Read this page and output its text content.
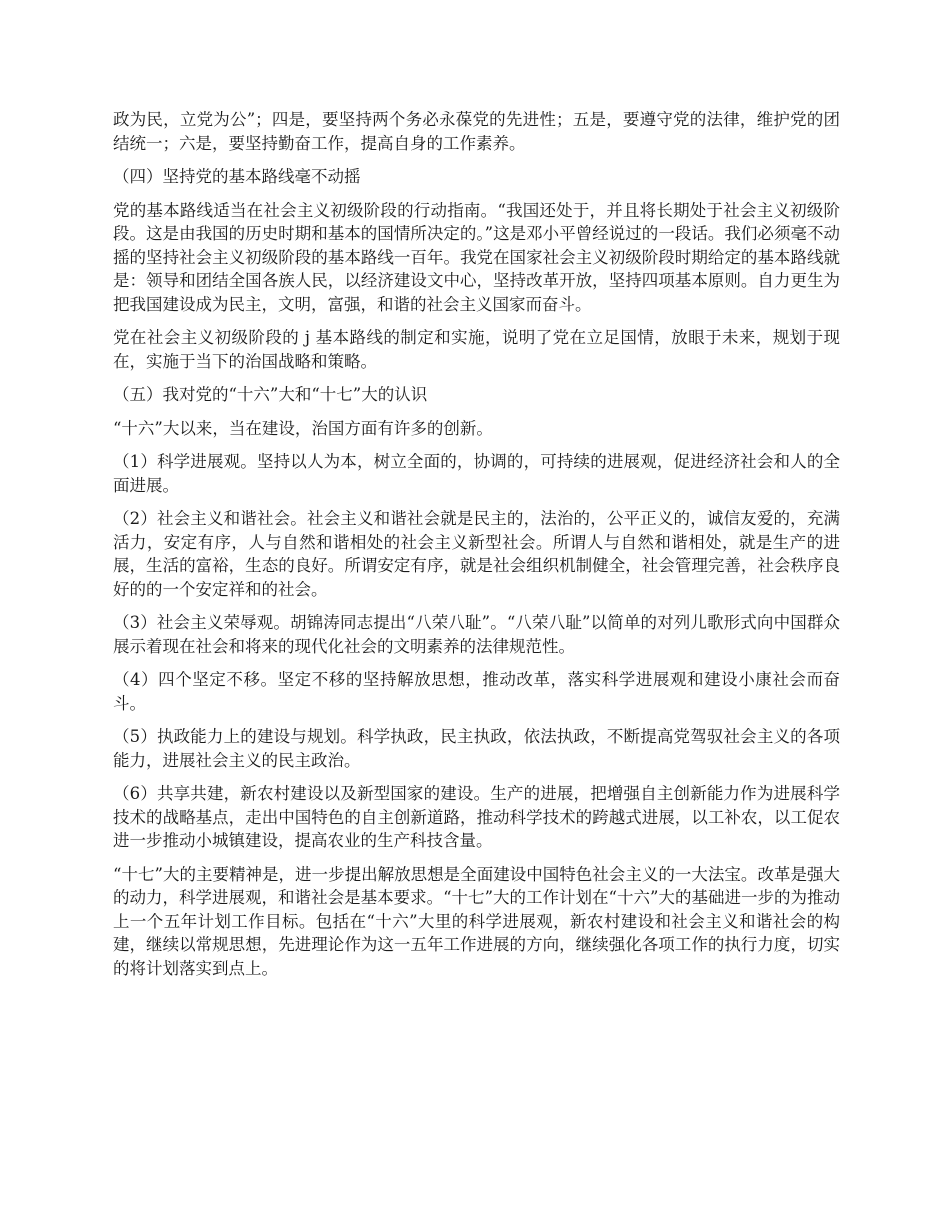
政为民，立党为公”；四是，要坚持两个务必永葆党的先进性；五是，要遵守党的法律，维护党的团结统一；六是，要坚持勤奋工作，提高自身的工作素养。

（四）坚持党的基本路线毫不动摇

党的基本路线适当在社会主义初级阶段的行动指南。“我国还处于，并且将长期处于社会主义初级阶段。这是由我国的历史时期和基本的国情所决定的。”这是邓小平曾经说过的一段话。我们必须毫不动摇的坚持社会主义初级阶段的基本路线一百年。我党在国家社会主义初级阶段时期给定的基本路线就是：领导和团结全国各族人民，以经济建设文中心，坚持改革开放，坚持四项基本原则。自力更生为把我国建设成为民主，文明，富强，和谐的社会主义国家而奋斗。

党在社会主义初级阶段的 j 基本路线的制定和实施，说明了党在立足国情，放眼于未来，规划于现在，实施于当下的治国战略和策略。

（五）我对党的“十六”大和“十七”大的认识

“十六”大以来，当在建设，治国方面有许多的创新。

（1）科学进展观。坚持以人为本，树立全面的，协调的，可持续的进展观，促进经济社会和人的全面进展。

（2）社会主义和谐社会。社会主义和谐社会就是民主的，法治的，公平正义的，诚信友爱的，充满活力，安定有序，人与自然和谐相处的社会主义新型社会。所谓人与自然和谐相处，就是生产的进展，生活的富裕，生态的良好。所谓安定有序，就是社会组织机制健全，社会管理完善，社会秩序良好的的一个安定祥和的社会。

（3）社会主义荣辱观。胡锦涛同志提出“八荣八耻”。“八荣八耻”以简单的对列儿歌形式向中国群众展示着现在社会和将来的现代化社会的文明素养的法律规范性。

（4）四个坚定不移。坚定不移的坚持解放思想，推动改革，落实科学进展观和建设小康社会而奋斗。

（5）执政能力上的建设与规划。科学执政，民主执政，依法执政，不断提高党驾驭社会主义的各项能力，进展社会主义的民主政治。

（6）共享共建，新农村建设以及新型国家的建设。生产的进展，把增强自主创新能力作为进展科学技术的战略基点，走出中国特色的自主创新道路，推动科学技术的跨越式进展，以工补农，以工促农进一步推动小城镇建设，提高农业的生产科技含量。

“十七”大的主要精神是，进一步提出解放思想是全面建设中国特色社会主义的一大法宝。改革是强大的动力，科学进展观，和谐社会是基本要求。“十七”大的工作计划在“十六”大的基础进一步的为推动上一个五年计划工作目标。包括在“十六”大里的科学进展观，新农村建设和社会主义和谐社会的构建，继续以常规思想，先进理论作为这一五年工作进展的方向，继续强化各项工作的执行力度，切实的将计划落实到点上。
